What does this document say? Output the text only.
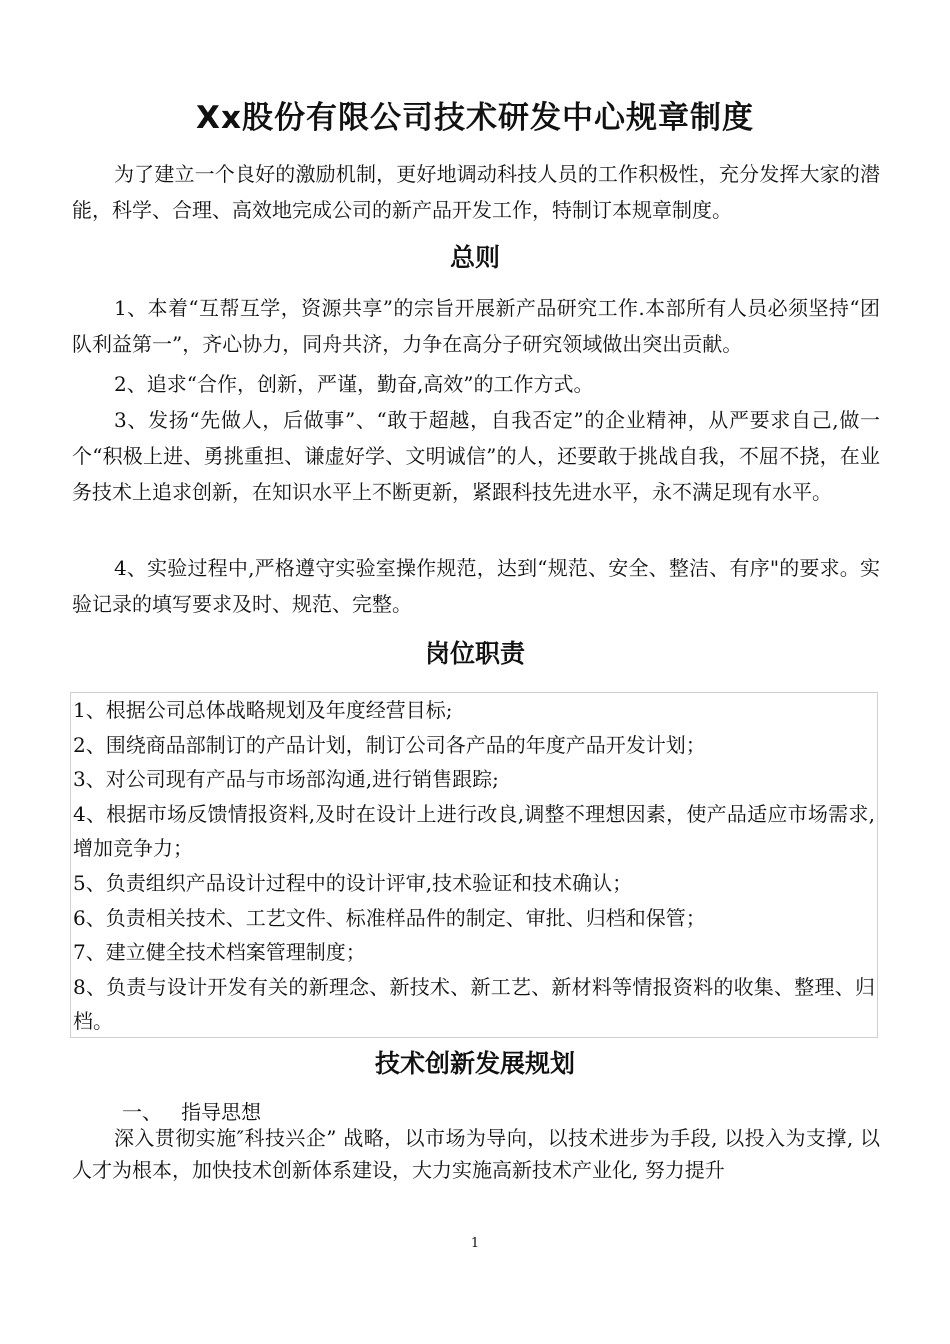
Xx股份有限公司技术研发中心规章制度

为了建立一个良好的激励机制，更好地调动科技人员的工作积极性，充分发挥大家的潜能，科学、合理、高效地完成公司的新产品开发工作，特制订本规章制度。

总则

1、本着“互帮互学，资源共享”的宗旨开展新产品研究工作.本部所有人员必须坚持“团队利益第一”，齐心协力，同舟共济，力争在高分子研究领域做出突出贡献。

2、追求“合作，创新，严谨，勤奋,高效”的工作方式。

3、发扬“先做人，后做事”、“敢于超越，自我否定”的企业精神，从严要求自己,做一个“积极上进、勇挑重担、谦虚好学、文明诚信”的人，还要敢于挑战自我，不屈不挠，在业务技术上追求创新，在知识水平上不断更新，紧跟科技先进水平，永不满足现有水平。

4、实验过程中,严格遵守实验室操作规范，达到“规范、安全、整洁、有序"的要求。实验记录的填写要求及时、规范、完整。

岗位职责

1、根据公司总体战略规划及年度经营目标;

2、围绕商品部制订的产品计划，制订公司各产品的年度产品开发计划；

3、对公司现有产品与市场部沟通,进行销售跟踪;

4、根据市场反馈情报资料,及时在设计上进行改良,调整不理想因素，使产品适应市场需求,增加竞争力；

5、负责组织产品设计过程中的设计评审,技术验证和技术确认；

6、负责相关技术、工艺文件、标准样品件的制定、审批、归档和保管；

7、建立健全技术档案管理制度；

8、负责与设计开发有关的新理念、新技术、新工艺、新材料等情报资料的收集、整理、归档。

技术创新发展规划
一、   指导思想

深入贯彻实施″科技兴企” 战略，以市场为导向，以技术进步为手段, 以投入为支撑, 以人才为根本，加快技术创新体系建设，大力实施高新技术产业化, 努力提升

1
